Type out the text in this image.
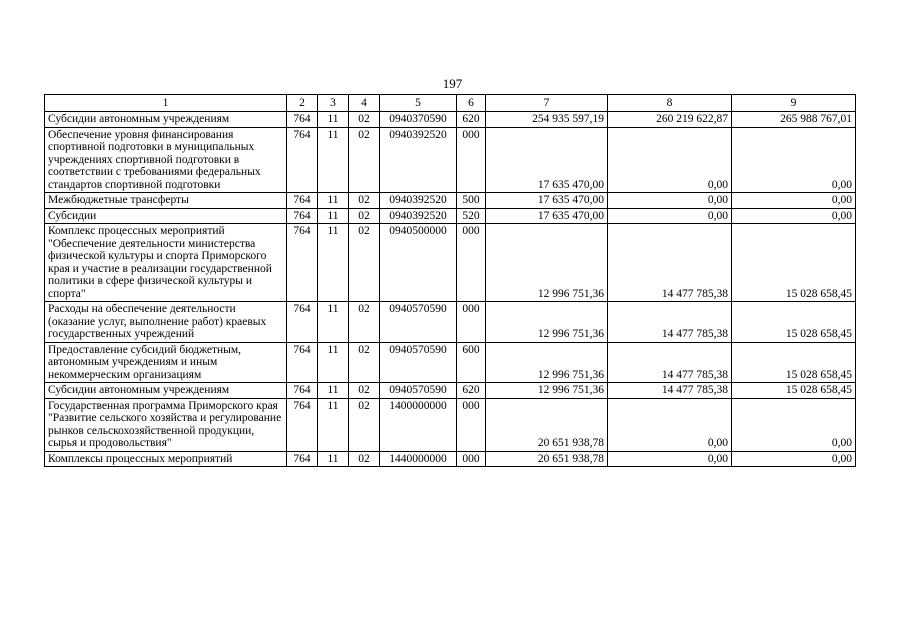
197
1	2	3	4	5	6	7	8	9
Субсидии автономным учреждениям	764	11	02	0940370590	620	254 935 597,19	260 219 622,87	265 988 767,01
Обеспечение уровня финансирования спортивной подготовки в муниципальных учреждениях спортивной подготовки в соответствии с требованиями федеральных стандартов спортивной подготовки	764	11	02	0940392520	000	17 635 470,00	0,00	0,00
Межбюджетные трансферты	764	11	02	0940392520	500	17 635 470,00	0,00	0,00
Субсидии	764	11	02	0940392520	520	17 635 470,00	0,00	0,00
Комплекс процессных мероприятий "Обеспечение деятельности министерства физической культуры и спорта Приморского края и участие в реализации государственной политики в сфере физической культуры и спорта"	764	11	02	0940500000	000	12 996 751,36	14 477 785,38	15 028 658,45
Расходы на обеспечение деятельности (оказание услуг, выполнение работ) краевых государственных учреждений	764	11	02	0940570590	000	12 996 751,36	14 477 785,38	15 028 658,45
Предоставление субсидий бюджетным, автономным учреждениям и иным некоммерческим организациям	764	11	02	0940570590	600	12 996 751,36	14 477 785,38	15 028 658,45
Субсидии автономным учреждениям	764	11	02	0940570590	620	12 996 751,36	14 477 785,38	15 028 658,45
Государственная программа Приморского края "Развитие сельского хозяйства и регулирование рынков сельскохозяйственной продукции, сырья и продовольствия"	764	11	02	1400000000	000	20 651 938,78	0,00	0,00
Комплексы процессных мероприятий	764	11	02	1440000000	000	20 651 938,78	0,00	0,00
